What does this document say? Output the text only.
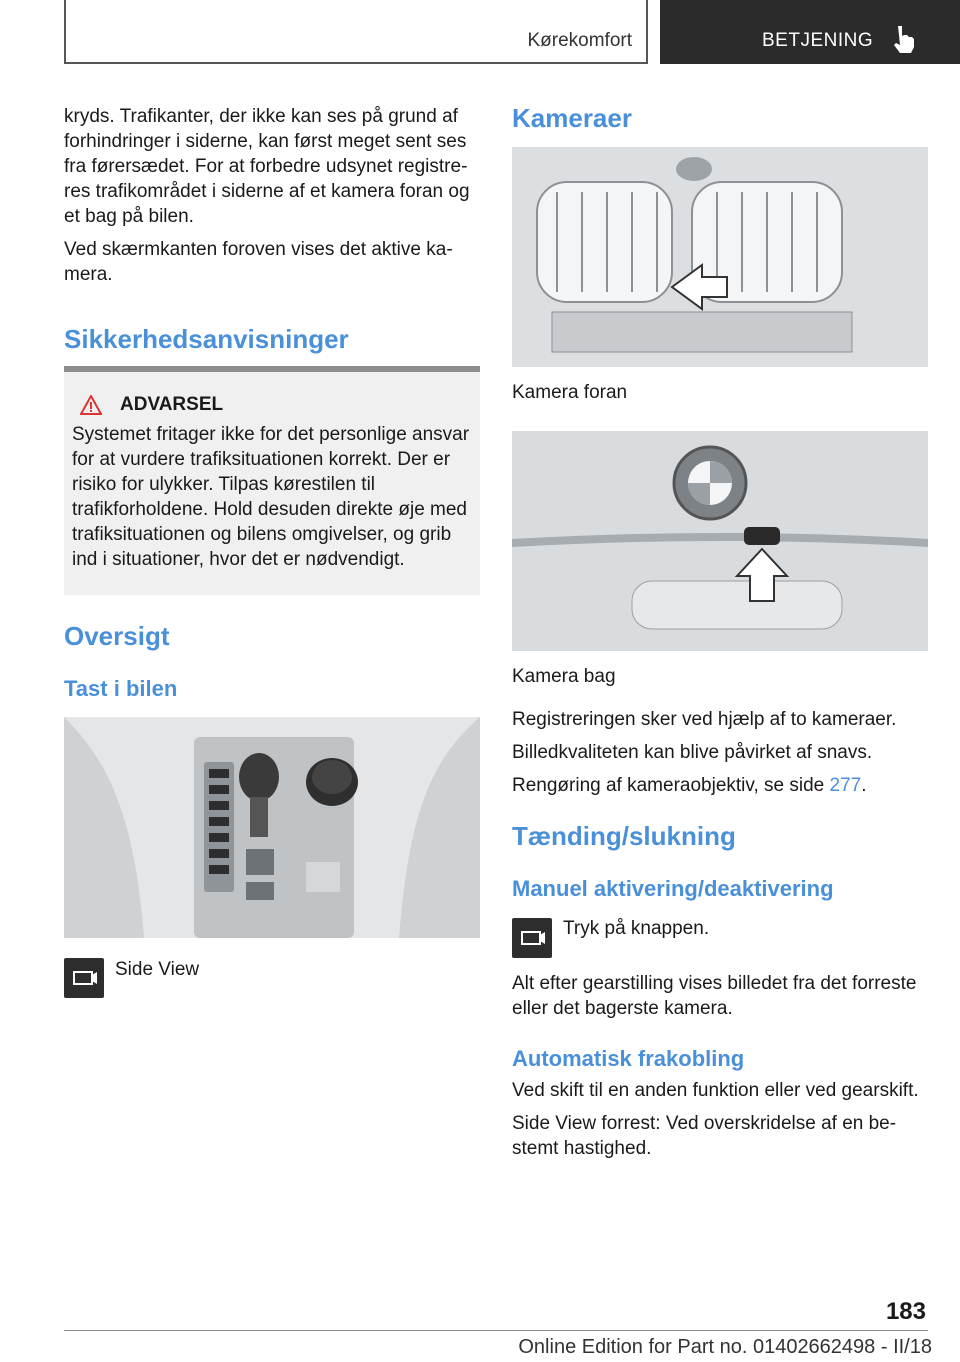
Kørekomfort	BETJENING

kryds. Trafikanter, der ikke kan ses på grund af forhindringer i siderne, kan først meget sent ses fra førersædet. For at forbedre udsynet registreres trafikområdet i siderne af et kamera foran og et bag på bilen.

Ved skærmkanten foroven vises det aktive kamera.

Sikkerhedsanvisninger
ADVARSEL

Systemet fritager ikke for det personlige ansvar for at vurdere trafiksituationen korrekt. Der er risiko for ulykker. Tilpas kørestilen til trafikforholdene. Hold desuden direkte øje med trafiksituationen og bilens omgivelser, og grib ind i situationer, hvor det er nødvendigt.

Oversigt
Tast i bilen

Side View

Kameraer

Kamera foran

Kamera bag

Registreringen sker ved hjælp af to kameraer.

Billedkvaliteten kan blive påvirket af snavs.

Rengøring af kameraobjektiv, se side 277.

Tænding/slukning
Manuel aktivering/deaktivering

Tryk på knappen.

Alt efter gearstilling vises billedet fra det forreste eller det bagerste kamera.

Automatisk frakobling

Ved skift til en anden funktion eller ved gearskift.

Side View forrest: Ved overskridelse af en bestemt hastighed.

183
Online Edition for Part no. 01402662498 - II/18
